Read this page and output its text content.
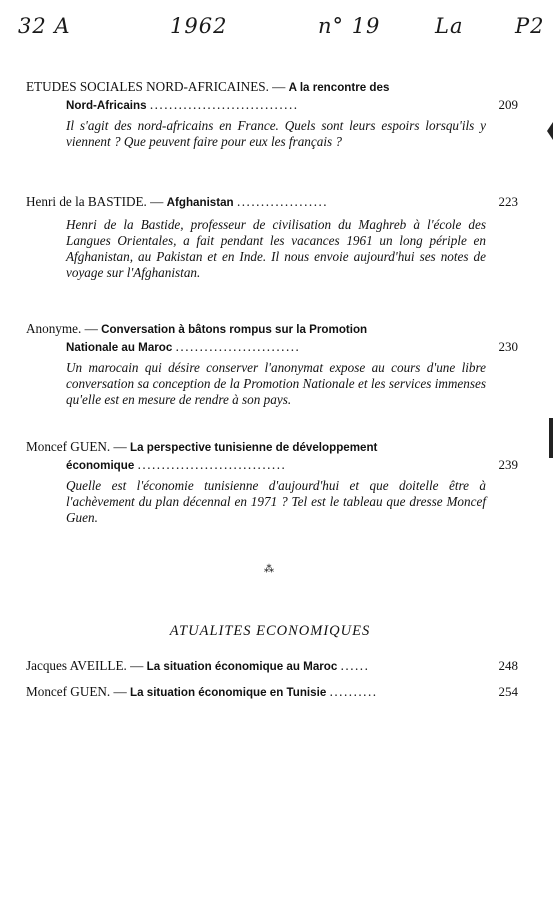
32 A	1962	n° 19	La P2
ETUDES SOCIALES NORD-AFRICAINES. — A la rencontre des
Nord-Africains ...............................	209
Il s'agit des nord-africains en France. Quels sont leurs espoirs lorsqu'ils y viennent ? Que peuvent faire pour eux les français ?
Henri de la BASTIDE. — Afghanistan ...................	223
Henri de la Bastide, professeur de civilisation du Maghreb à l'école des Langues Orientales, a fait pendant les vacances 1961 un long périple en Afghanistan, au Pakistan et en Inde. Il nous envoie aujourd'hui ses notes de voyage sur l'Afghanistan.
Anonyme. — Conversation à bâtons rompus sur la Promotion
Nationale au Maroc ..........................	230
Un marocain qui désire conserver l'anonymat expose au cours d'une libre conversation sa conception de la Promotion Nationale et les services immenses qu'elle est en mesure de rendre à son pays.
Moncef GUEN. — La perspective tunisienne de développement
économique ...............................	239
Quelle est l'économie tunisienne d'aujourd'hui et que doitelle être à l'achèvement du plan décennal en 1971 ? Tel est le tableau que dresse Moncef Guen.
⁂
ATUALITES ECONOMIQUES
Jacques AVEILLE. — La situation économique au Maroc ......	248
Moncef GUEN. — La situation économique en Tunisie ..........	254
